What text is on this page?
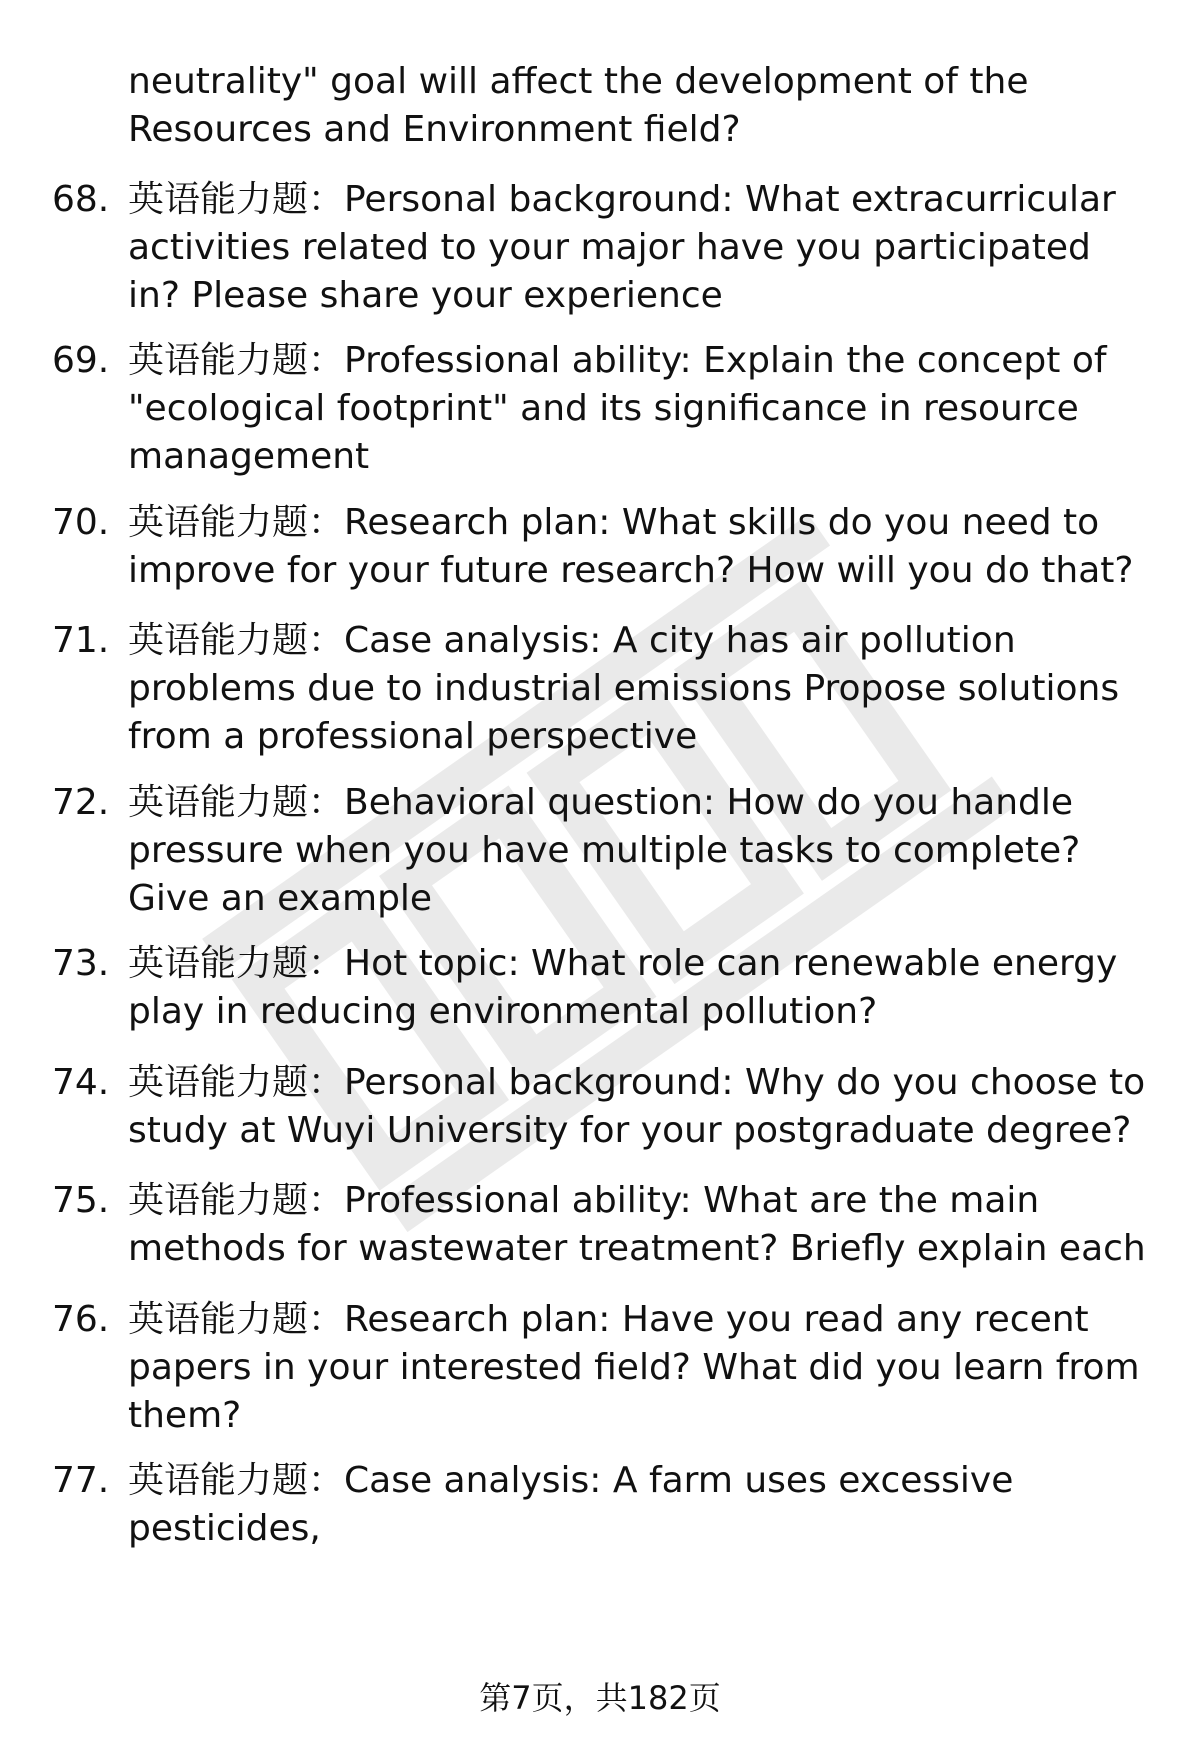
neutrality" goal will affect the development of the Resources and Environment field?
68. 英语能力题：Personal background: What extracurricular activities related to your major have you participated in? Please share your experience
69. 英语能力题：Professional ability: Explain the concept of "ecological footprint" and its significance in resource management
70. 英语能力题：Research plan: What skills do you need to improve for your future research? How will you do that?
71. 英语能力题：Case analysis: A city has air pollution problems due to industrial emissions Propose solutions from a professional perspective
72. 英语能力题：Behavioral question: How do you handle pressure when you have multiple tasks to complete? Give an example
73. 英语能力题：Hot topic: What role can renewable energy play in reducing environmental pollution?
74. 英语能力题：Personal background: Why do you choose to study at Wuyi University for your postgraduate degree?
75. 英语能力题：Professional ability: What are the main methods for wastewater treatment? Briefly explain each
76. 英语能力题：Research plan: Have you read any recent papers in your interested field? What did you learn from them?
77. 英语能力题：Case analysis: A farm uses excessive pesticides,
第7页，共182页
